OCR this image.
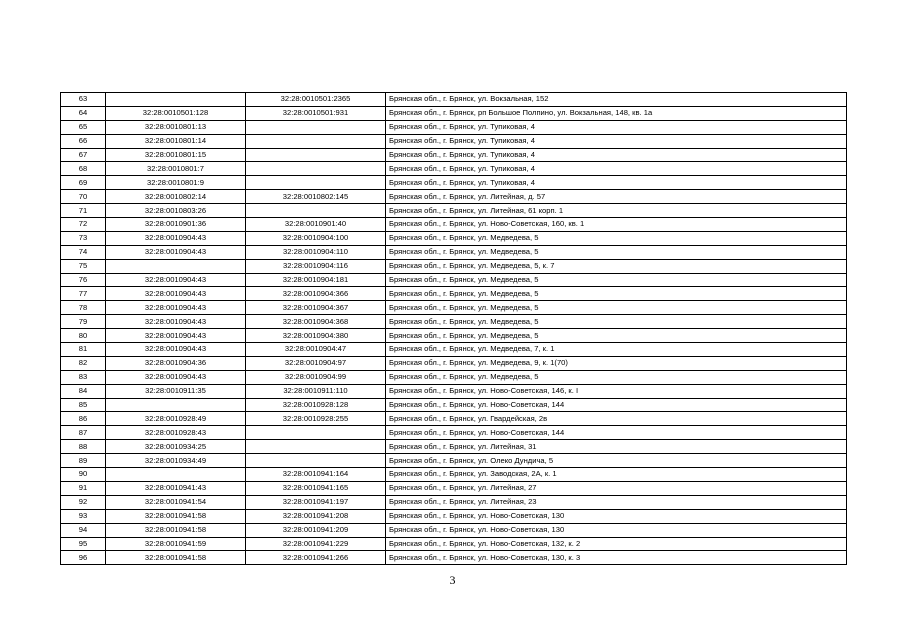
63		32:28:0010501:2365	Брянская обл., г. Брянск, ул. Вокзальная, 152
64	32:28:0010501:128	32:28:0010501:931	Брянская обл., г. Брянск, рп Большое Полпино, ул. Вокзальная, 148, кв. 1а
65	32:28:0010801:13		Брянская обл., г. Брянск, ул. Тупиковая, 4
66	32:28:0010801:14		Брянская обл., г. Брянск, ул. Тупиковая, 4
67	32:28:0010801:15		Брянская обл., г. Брянск, ул. Тупиковая, 4
68	32:28:0010801:7		Брянская обл., г. Брянск, ул. Тупиковая, 4
69	32:28:0010801:9		Брянская обл., г. Брянск, ул. Тупиковая, 4
70	32:28:0010802:14	32:28:0010802:145	Брянская обл., г. Брянск, ул. Литейная, д. 57
71	32:28:0010803:26		Брянская обл., г. Брянск, ул. Литейная, 61 корп. 1
72	32:28:0010901:36	32:28:0010901:40	Брянская обл., г. Брянск, ул. Ново-Советская, 160, кв. 1
73	32:28:0010904:43	32:28:0010904:100	Брянская обл., г. Брянск, ул. Медведева, 5
74	32:28:0010904:43	32:28:0010904:110	Брянская обл., г. Брянск, ул. Медведева, 5
75		32:28:0010904:116	Брянская обл., г. Брянск, ул. Медведева, 5, к. 7
76	32:28:0010904:43	32:28:0010904:181	Брянская обл., г. Брянск, ул. Медведева, 5
77	32:28:0010904:43	32:28:0010904:366	Брянская обл., г. Брянск, ул. Медведева, 5
78	32:28:0010904:43	32:28:0010904:367	Брянская обл., г. Брянск, ул. Медведева, 5
79	32:28:0010904:43	32:28:0010904:368	Брянская обл., г. Брянск, ул. Медведева, 5
80	32:28:0010904:43	32:28:0010904:380	Брянская обл., г. Брянск, ул. Медведева, 5
81	32:28:0010904:43	32:28:0010904:47	Брянская обл., г. Брянск, ул. Медведева, 7, к. 1
82	32:28:0010904:36	32:28:0010904:97	Брянская обл., г. Брянск, ул. Медведева, 9, к. 1(70)
83	32:28:0010904:43	32:28:0010904:99	Брянская обл., г. Брянск, ул. Медведева, 5
84	32:28:0010911:35	32:28:0010911:110	Брянская обл., г. Брянск, ул. Ново-Советская, 146, к. I
85		32:28:0010928:128	Брянская обл., г. Брянск, ул. Ново-Советская, 144
86	32:28:0010928:49	32:28:0010928:255	Брянская обл., г. Брянск, ул. Гвардейская, 2в
87	32:28:0010928:43		Брянская обл., г. Брянск, ул. Ново-Советская, 144
88	32:28:0010934:25		Брянская обл., г. Брянск, ул. Литейная, 31
89	32:28:0010934:49		Брянская обл., г. Брянск, ул. Олеко Дундича, 5
90		32:28:0010941:164	Брянская обл., г. Брянск, ул. Заводская, 2А, к. 1
91	32:28:0010941:43	32:28:0010941:165	Брянская обл., г. Брянск, ул. Литейная, 27
92	32:28:0010941:54	32:28:0010941:197	Брянская обл., г. Брянск, ул. Литейная, 23
93	32:28:0010941:58	32:28:0010941:208	Брянская обл., г. Брянск, ул. Ново-Советская, 130
94	32:28:0010941:58	32:28:0010941:209	Брянская обл., г. Брянск, ул. Ново-Советская, 130
95	32:28:0010941:59	32:28:0010941:229	Брянская обл., г. Брянск, ул. Ново-Советская, 132, к. 2
96	32:28:0010941:58	32:28:0010941:266	Брянская обл., г. Брянск, ул. Ново-Советская, 130, к. 3
3
